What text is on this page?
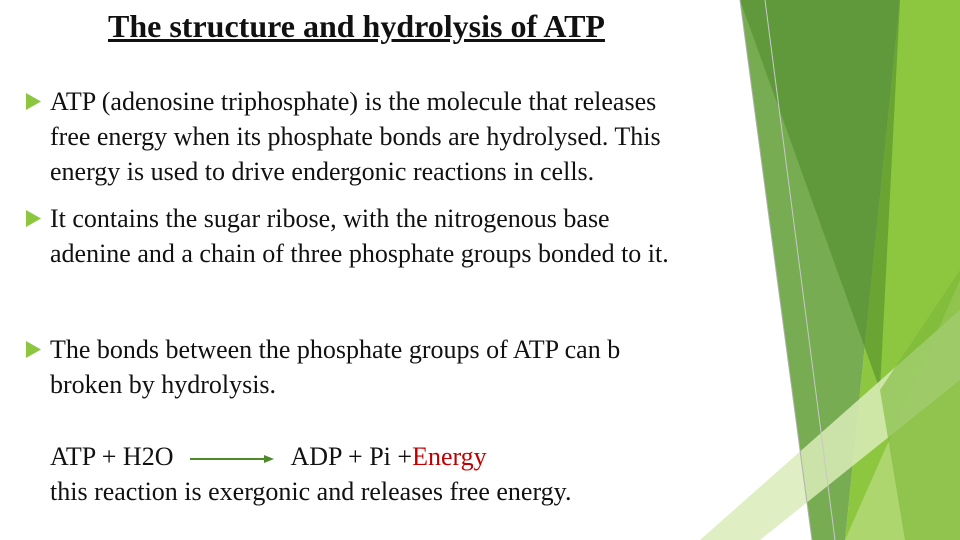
The structure and hydrolysis of ATP
ATP (adenosine triphosphate) is the molecule that releases
free energy when its phosphate bonds are hydrolysed. This
energy is used to drive endergonic reactions in cells.
It contains the sugar ribose, with the nitrogenous base
adenine and a chain of three phosphate groups bonded to it.
The bonds between the phosphate groups of ATP can b
broken by hydrolysis.
ATP + H2O	ADP + Pi +Energy
this reaction is exergonic and releases free energy.
